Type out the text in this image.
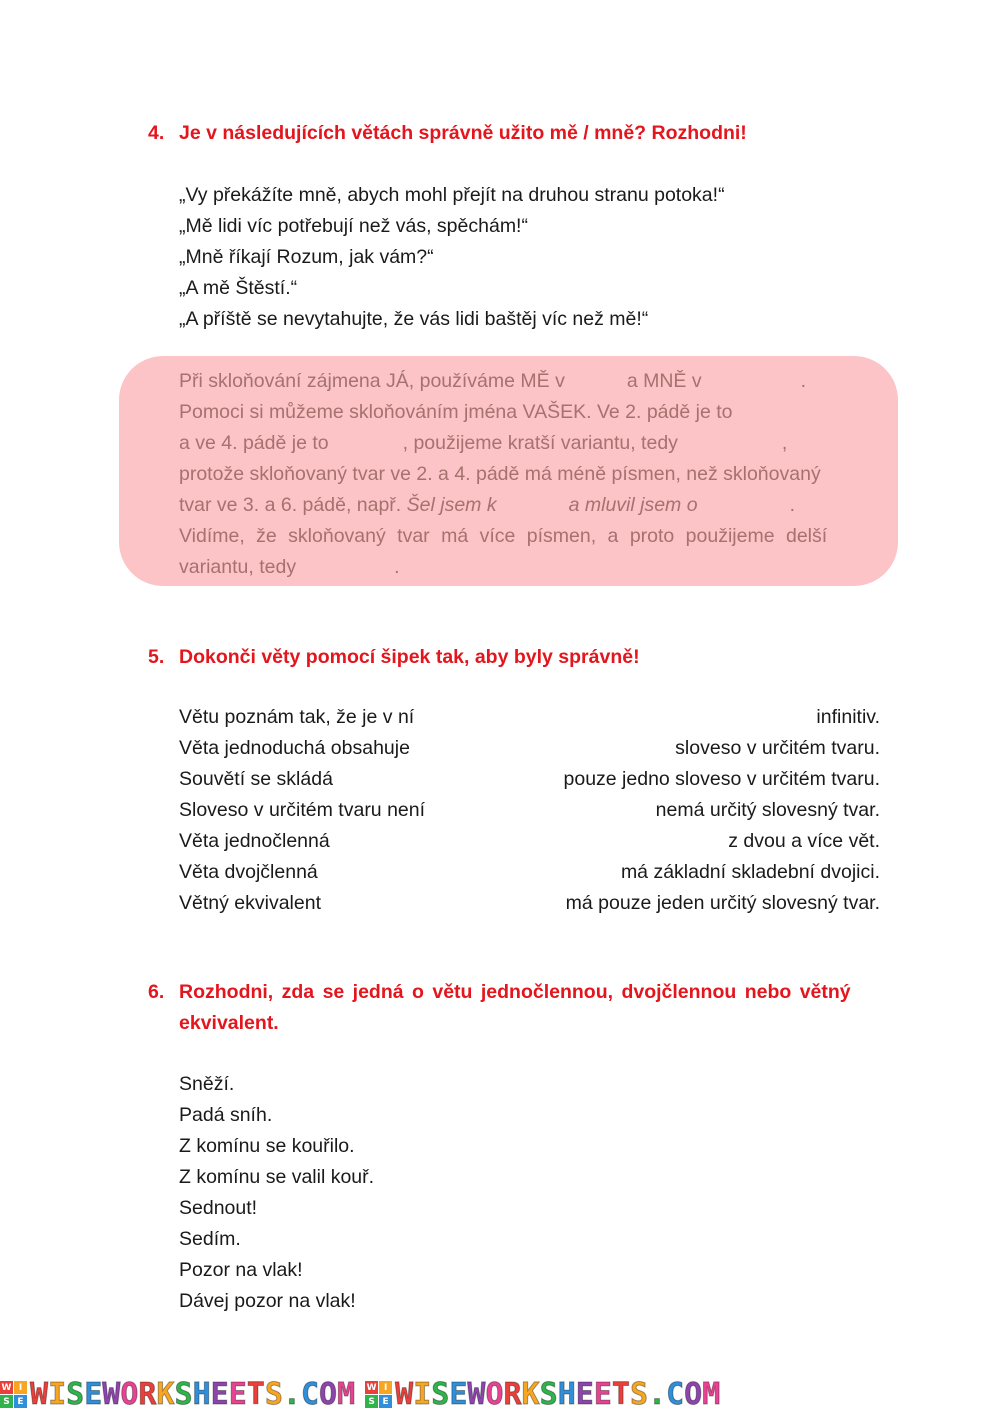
4. Je v následujících větách správně užito mě / mně? Rozhodni!
„Vy překážíte mně, abych mohl přejít na druhou stranu potoka!“
„Mě lidi víc potřebují než vás, spěchám!“
„Mně říkají Rozum, jak vám?“
„A mě Štěstí.“
„A příště se nevytahujte, že vás lidi baštěj víc než mě!“
Při skloňování zájmena JÁ, používáme MĚ v	a MNĚ v	.
Pomoci si můžeme skloňováním jména VAŠEK. Ve 2. pádě je to
a ve 4. pádě je to	, použijeme kratší variantu, tedy	,
protože skloňovaný tvar ve 2. a 4. pádě má méně písmen, než skloňovaný
tvar ve 3. a 6. pádě, např.
Šel jsem k	a mluvil jsem o	.
Vidíme, že skloňovaný tvar má více písmen, a proto použijeme delší
variantu, tedy	.
5. Dokonči věty pomocí šipek tak, aby byly správně!
Větu poznám tak, že je v ní	infinitiv.
Věta jednoduchá obsahuje	sloveso v určitém tvaru.
Souvětí se skládá	pouze jedno sloveso v určitém tvaru.
Sloveso v určitém tvaru není	nemá určitý slovesný tvar.
Věta jednočlenná	z dvou a více vět.
Věta dvojčlenná	má základní skladební dvojici.
Větný ekvivalent	má pouze jeden určitý slovesný tvar.
6. Rozhodni, zda se jedná o větu jednočlennou, dvojčlennou nebo větný
ekvivalent.
Sněží.
Padá sníh.
Z komínu se kouřilo.
Z komínu se valil kouř.
Sednout!
Sedím.
Pozor na vlak!
Dávej pozor na vlak!
W I
S E WISEWORKSHEETS.COM W I
S E WISEWORKSHEETS.COM
